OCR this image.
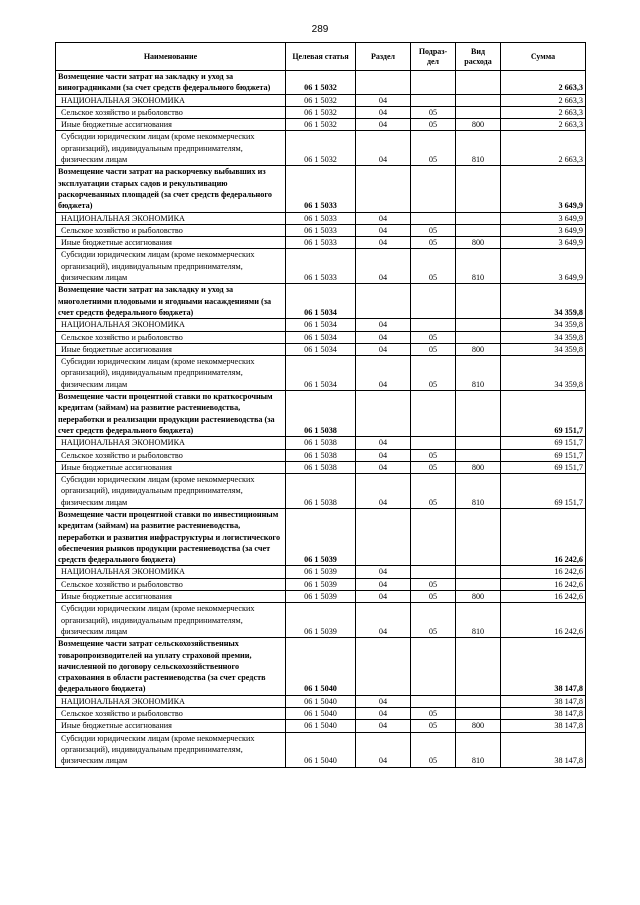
289
Наименование	Целевая статья	Раздел	Подраз-дел	Вид расхода	Сумма
Возмещение части затрат на закладку и уход за виноградниками (за счет средств федерального бюджета)	06 1 5032				2 663,3
НАЦИОНАЛЬНАЯ ЭКОНОМИКА	06 1 5032	04			2 663,3
Сельское хозяйство и рыболовство	06 1 5032	04	05		2 663,3
Иные бюджетные ассигнования	06 1 5032	04	05	800	2 663,3
Субсидии юридическим лицам (кроме некоммерческих организаций), индивидуальным предпринимателям, физическим лицам	06 1 5032	04	05	810	2 663,3
Возмещение части затрат на раскорчевку выбывших из эксплуатации старых садов и рекультивацию раскорчеванных площадей (за счет средств федерального бюджета)	06 1 5033				3 649,9
НАЦИОНАЛЬНАЯ ЭКОНОМИКА	06 1 5033	04			3 649,9
Сельское хозяйство и рыболовство	06 1 5033	04	05		3 649,9
Иные бюджетные ассигнования	06 1 5033	04	05	800	3 649,9
Субсидии юридическим лицам (кроме некоммерческих организаций), индивидуальным предпринимателям, физическим лицам	06 1 5033	04	05	810	3 649,9
Возмещение части затрат на закладку и уход за многолетними плодовыми и ягодными насаждениями (за счет средств федерального бюджета)	06 1 5034				34 359,8
НАЦИОНАЛЬНАЯ ЭКОНОМИКА	06 1 5034	04			34 359,8
Сельское хозяйство и рыболовство	06 1 5034	04	05		34 359,8
Иные бюджетные ассигнования	06 1 5034	04	05	800	34 359,8
Субсидии юридическим лицам (кроме некоммерческих организаций), индивидуальным предпринимателям, физическим лицам	06 1 5034	04	05	810	34 359,8
Возмещение части процентной ставки по краткосрочным кредитам (займам) на развитие растениеводства, переработки и реализации продукции растениеводства (за счет средств федерального бюджета)	06 1 5038				69 151,7
НАЦИОНАЛЬНАЯ ЭКОНОМИКА	06 1 5038	04			69 151,7
Сельское хозяйство и рыболовство	06 1 5038	04	05		69 151,7
Иные бюджетные ассигнования	06 1 5038	04	05	800	69 151,7
Субсидии юридическим лицам (кроме некоммерческих организаций), индивидуальным предпринимателям, физическим лицам	06 1 5038	04	05	810	69 151,7
Возмещение части процентной ставки по инвестиционным кредитам (займам) на развитие растениеводства, переработки и развития инфраструктуры и логистического обеспечения рынков продукции растениеводства (за счет средств федерального бюджета)	06 1 5039				16 242,6
НАЦИОНАЛЬНАЯ ЭКОНОМИКА	06 1 5039	04			16 242,6
Сельское хозяйство и рыболовство	06 1 5039	04	05		16 242,6
Иные бюджетные ассигнования	06 1 5039	04	05	800	16 242,6
Субсидии юридическим лицам (кроме некоммерческих организаций), индивидуальным предпринимателям, физическим лицам	06 1 5039	04	05	810	16 242,6
Возмещение части затрат сельскохозяйственных товаропроизводителей на уплату страховой премии, начисленной по договору сельскохозяйственного страхования в области растениеводства (за счет средств федерального бюджета)	06 1 5040				38 147,8
НАЦИОНАЛЬНАЯ ЭКОНОМИКА	06 1 5040	04			38 147,8
Сельское хозяйство и рыболовство	06 1 5040	04	05		38 147,8
Иные бюджетные ассигнования	06 1 5040	04	05	800	38 147,8
Субсидии юридическим лицам (кроме некоммерческих организаций), индивидуальным предпринимателям, физическим лицам	06 1 5040	04	05	810	38 147,8
